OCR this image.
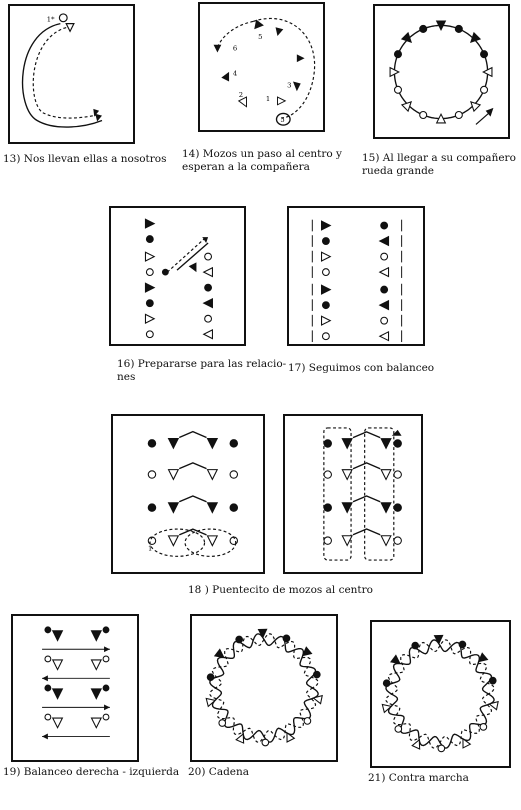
1*
13) Nos llevan ellas a nosotros
6
5
4
3
2	1
5
14) Mozos un paso al centro y
esperan a la compañera
15) Al llegar a su compañero
rueda grande
16) Prepararse para las relacio-
nes
17) Seguimos con balanceo
1
18 ) Puentecito de mozos al centro
19) Balanceo derecha - izquierda 20) Cadena	21) Contra marcha
